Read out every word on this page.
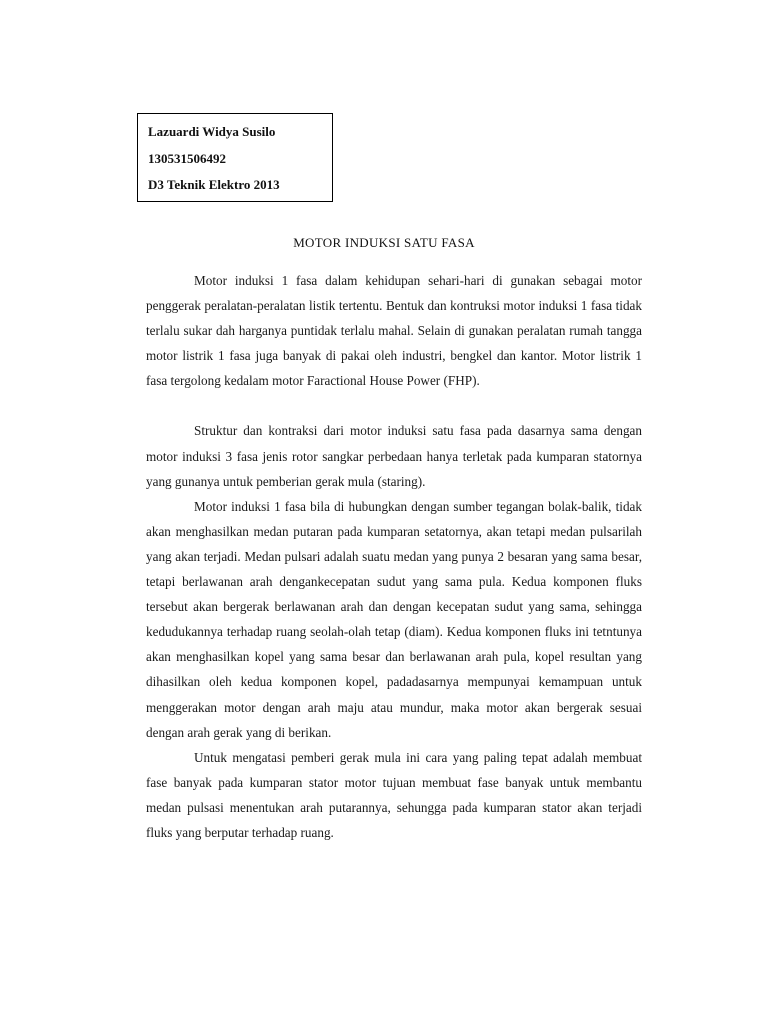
Lazuardi Widya Susilo
130531506492
D3 Teknik Elektro 2013
MOTOR INDUKSI SATU FASA

Motor induksi 1 fasa dalam kehidupan sehari-hari di gunakan sebagai motor penggerak peralatan-peralatan listik tertentu. Bentuk dan kontruksi motor induksi 1 fasa tidak terlalu sukar dah harganya puntidak terlalu mahal. Selain di gunakan peralatan rumah tangga motor listrik 1 fasa juga banyak di pakai oleh industri, bengkel dan kantor. Motor listrik 1 fasa tergolong kedalam motor Faractional House Power (FHP).

Struktur dan kontraksi dari motor induksi satu fasa pada dasarnya sama dengan motor induksi 3 fasa jenis rotor sangkar perbedaan hanya terletak pada kumparan statornya yang gunanya untuk pemberian gerak mula (staring).

Motor induksi 1 fasa bila di hubungkan dengan sumber tegangan bolak-balik, tidak akan menghasilkan medan putaran pada kumparan setatornya, akan tetapi medan pulsarilah yang akan terjadi. Medan pulsari adalah suatu medan yang punya 2 besaran yang sama besar, tetapi berlawanan arah dengankecepatan sudut yang sama pula. Kedua komponen fluks tersebut akan bergerak berlawanan arah dan dengan kecepatan sudut yang sama, sehingga kedudukannya terhadap ruang seolah-olah tetap (diam). Kedua komponen fluks ini tetntunya akan menghasilkan kopel yang sama besar dan berlawanan arah pula, kopel resultan yang dihasilkan oleh kedua komponen kopel, padadasarnya mempunyai kemampuan untuk menggerakan motor dengan arah maju atau mundur, maka motor akan bergerak sesuai dengan arah gerak yang di berikan.

Untuk mengatasi pemberi gerak mula ini cara yang paling tepat adalah membuat fase banyak pada kumparan stator motor tujuan membuat fase banyak untuk membantu medan pulsasi menentukan arah putarannya, sehungga pada kumparan stator akan terjadi fluks yang berputar terhadap ruang.
